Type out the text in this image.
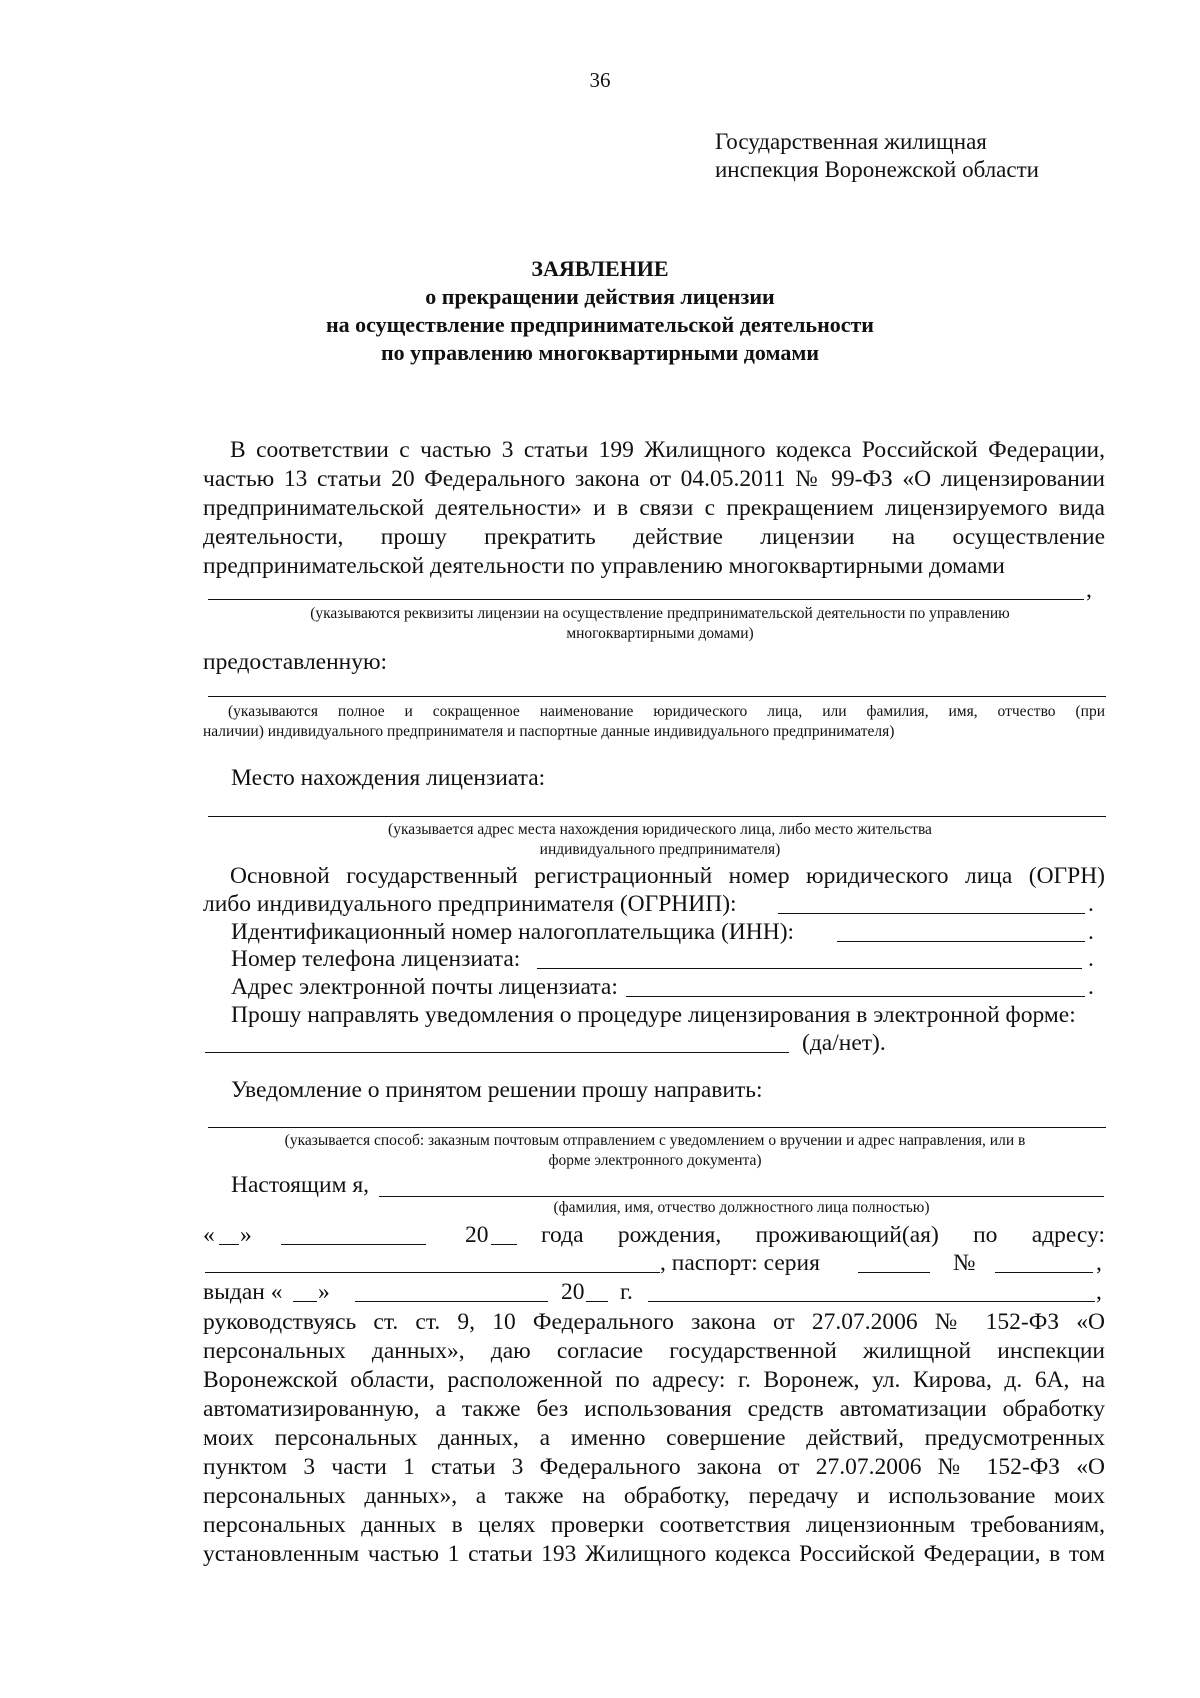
36
Государственная жилищная
инспекция Воронежской области
ЗАЯВЛЕНИЕ
о прекращении действия лицензии
на осуществление предпринимательской деятельности
по управлению многоквартирными домами
В соответствии с частью 3 статьи 199 Жилищного кодекса Российской Федерации,
частью 13 статьи 20 Федерального закона от 04.05.2011 № 99-ФЗ «О лицензировании
предпринимательской деятельности» и в связи с прекращением лицензируемого вида
деятельности, прошу прекратить действие лицензии на осуществление
предпринимательской деятельности по управлению многоквартирными домами
,
(указываются реквизиты лицензии на осуществление предпринимательской деятельности по управлению
многоквартирными домами)
предоставленную:
(указываются полное и сокращенное наименование юридического лица, или фамилия, имя, отчество (при
наличии) индивидуального предпринимателя и паспортные данные индивидуального предпринимателя)
Место нахождения лицензиата:
(указывается адрес места нахождения юридического лица, либо место жительства
индивидуального предпринимателя)
Основной государственный регистрационный номер юридического лица (ОГРН)
либо индивидуального предпринимателя (ОГРНИП):	.
Идентификационный номер налогоплательщика (ИНН):	.
Номер телефона лицензиата:	.
Адрес электронной почты лицензиата:	.
Прошу направлять уведомления о процедуре лицензирования в электронной форме:
(да/нет).
Уведомление о принятом решении прошу направить:
(указывается способ: заказным почтовым отправлением с уведомлением о вручении и адрес направления, или в
форме электронного документа)
Настоящим я,
(фамилия, имя, отчество должностного лица полностью)
« »	20 года рождения, проживающий(ая) по адресу:
, паспорт: серия	№	,
выдан « »	20 г.	,
руководствуясь ст. ст. 9, 10 Федерального закона от 27.07.2006 № 152-ФЗ «О
персональных данных», даю согласие государственной жилищной инспекции
Воронежской области, расположенной по адресу: г. Воронеж, ул. Кирова, д. 6А, на
автоматизированную, а также без использования средств автоматизации обработку
моих персональных данных, а именно совершение действий, предусмотренных
пунктом 3 части 1 статьи 3 Федерального закона от 27.07.2006 № 152-ФЗ «О
персональных данных», а также на обработку, передачу и использование моих
персональных данных в целях проверки соответствия лицензионным требованиям,
установленным частью 1 статьи 193 Жилищного кодекса Российской Федерации, в том
